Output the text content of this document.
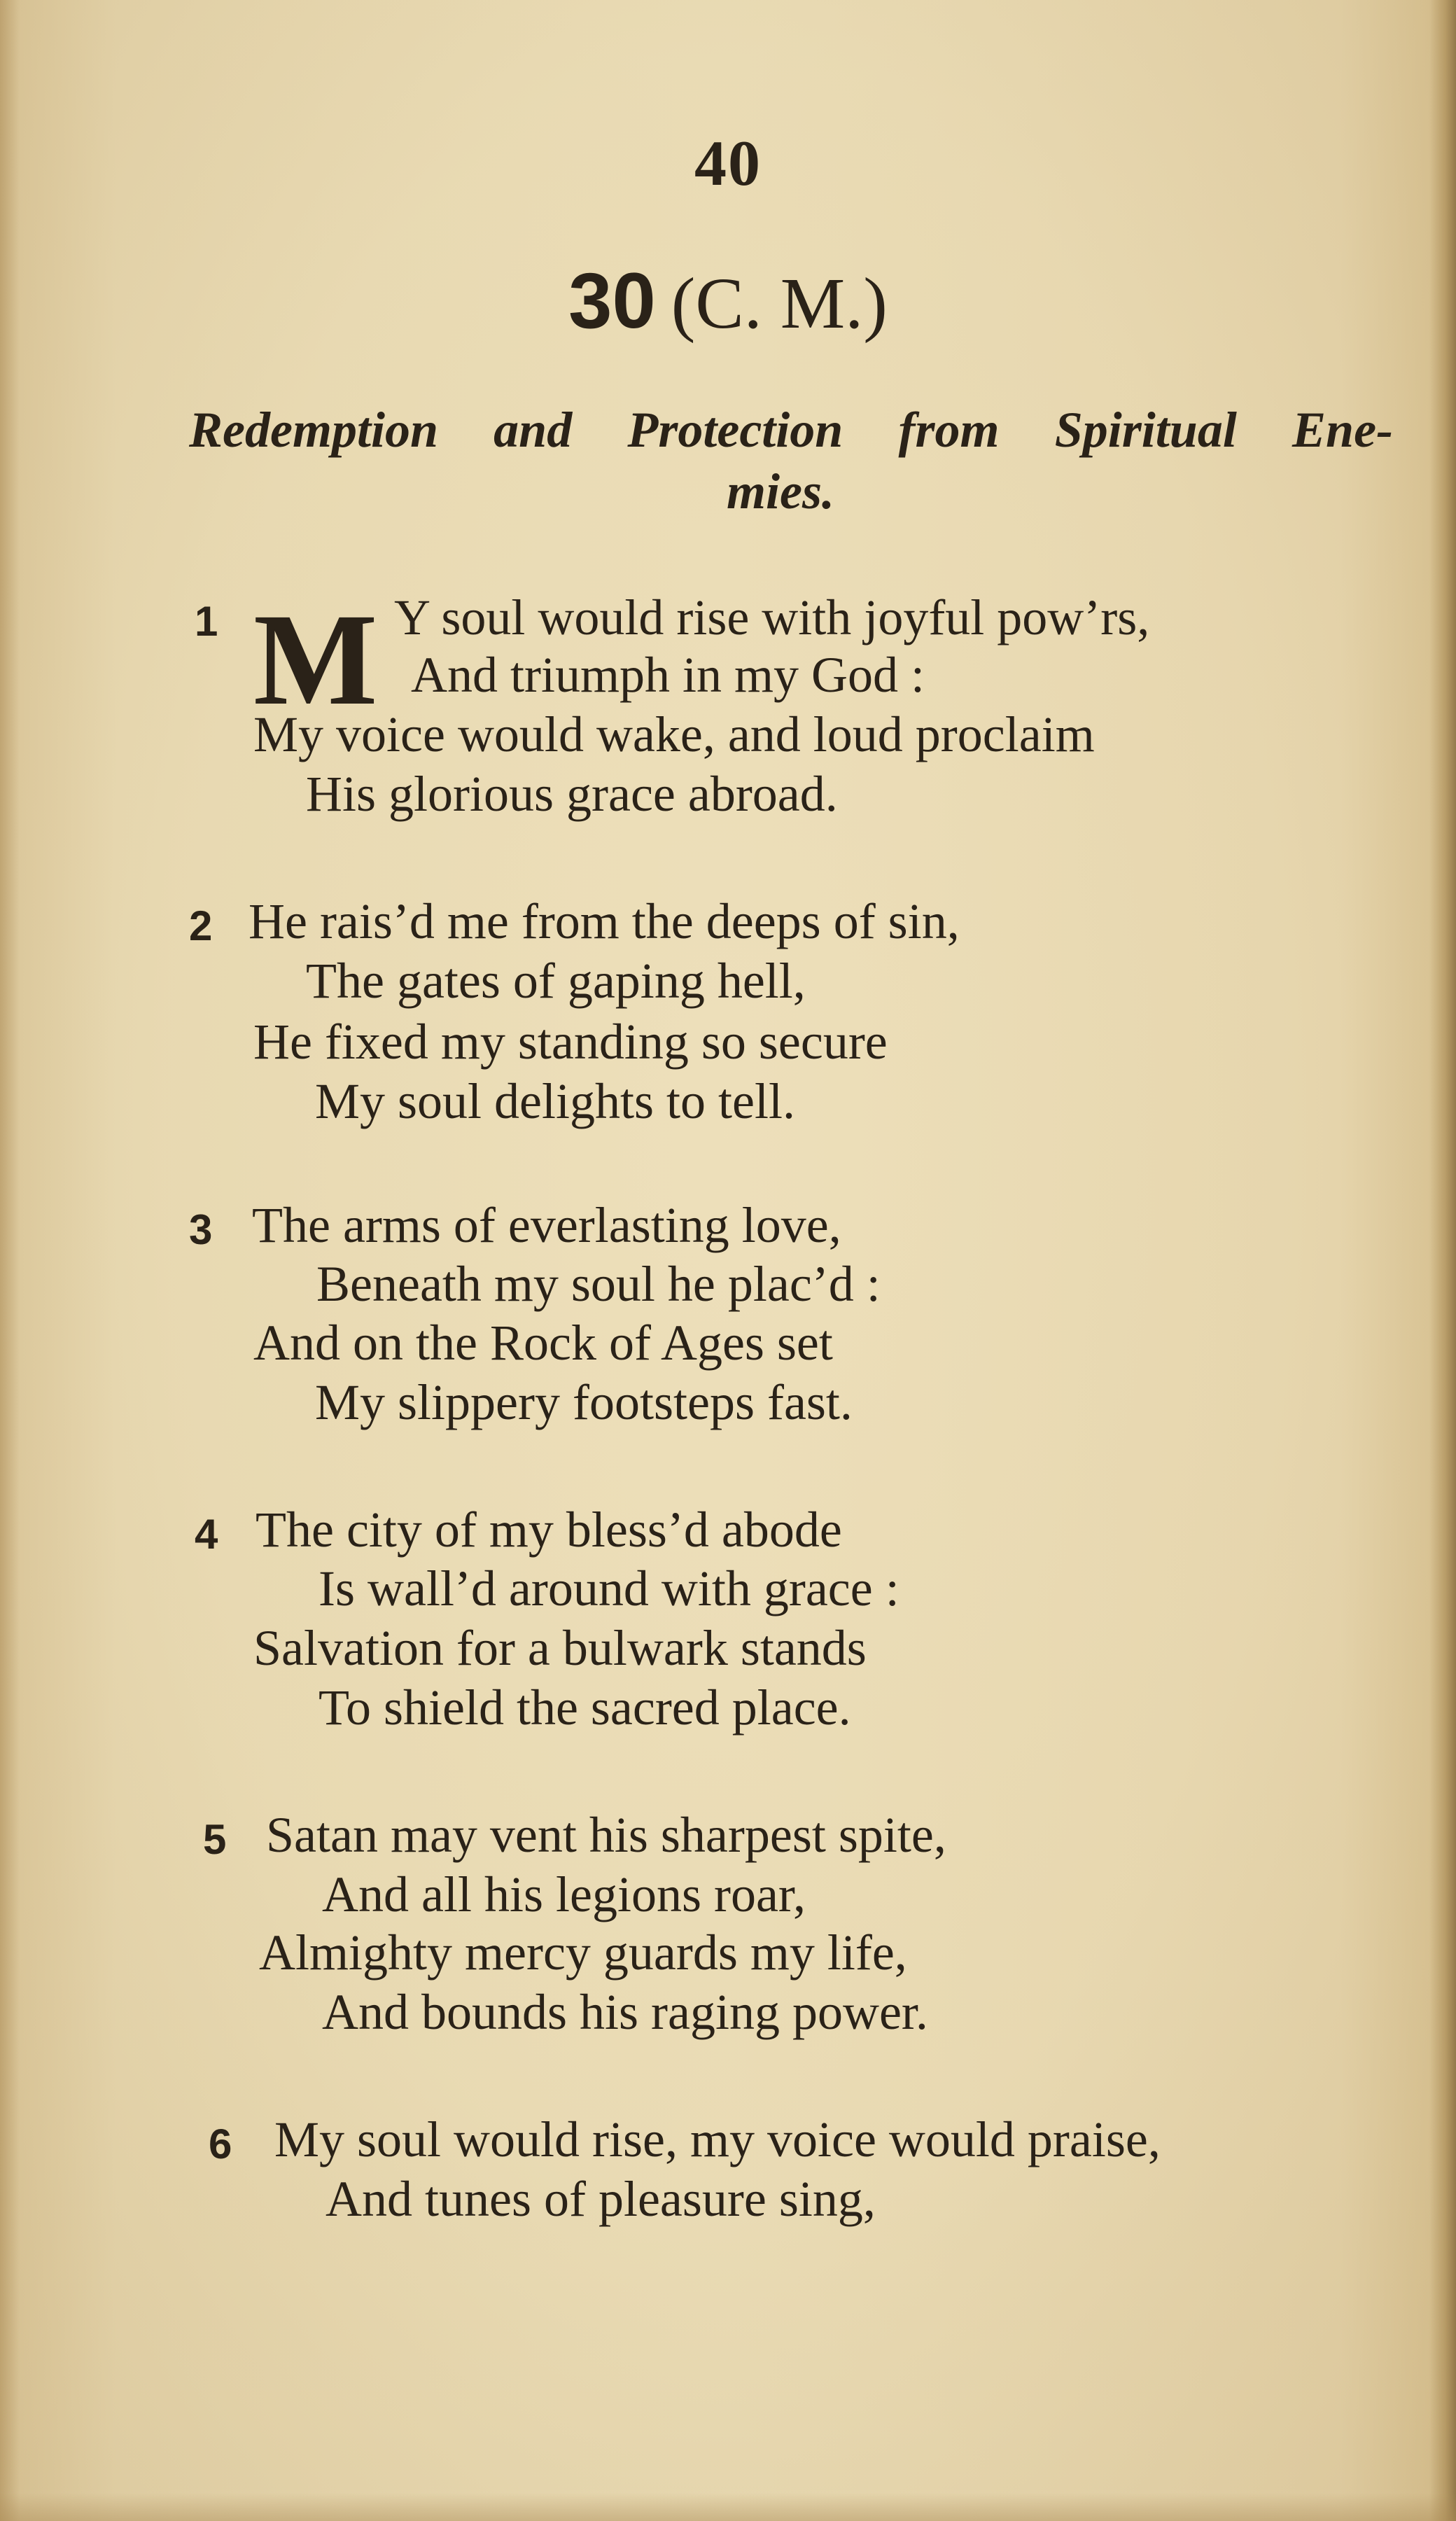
40
30 (C. M.)
Redemption and Protection from Spiritual Ene-
mies.
1 M Y soul would rise with joyful pow’rs,
And triumph in my God :
My voice would wake, and loud proclaim
His glorious grace abroad.
2 He rais’d me from the deeps of sin,
The gates of gaping hell,
He fixed my standing so secure
My soul delights to tell.
3 The arms of everlasting love,
Beneath my soul he plac’d :
And on the Rock of Ages set
My slippery footsteps fast.
4 The city of my bless’d abode
Is wall’d around with grace :
Salvation for a bulwark stands
To shield the sacred place.
5 Satan may vent his sharpest spite,
And all his legions roar,
Almighty mercy guards my life,
And bounds his raging power.
6 My soul would rise, my voice would praise,
And tunes of pleasure sing,
